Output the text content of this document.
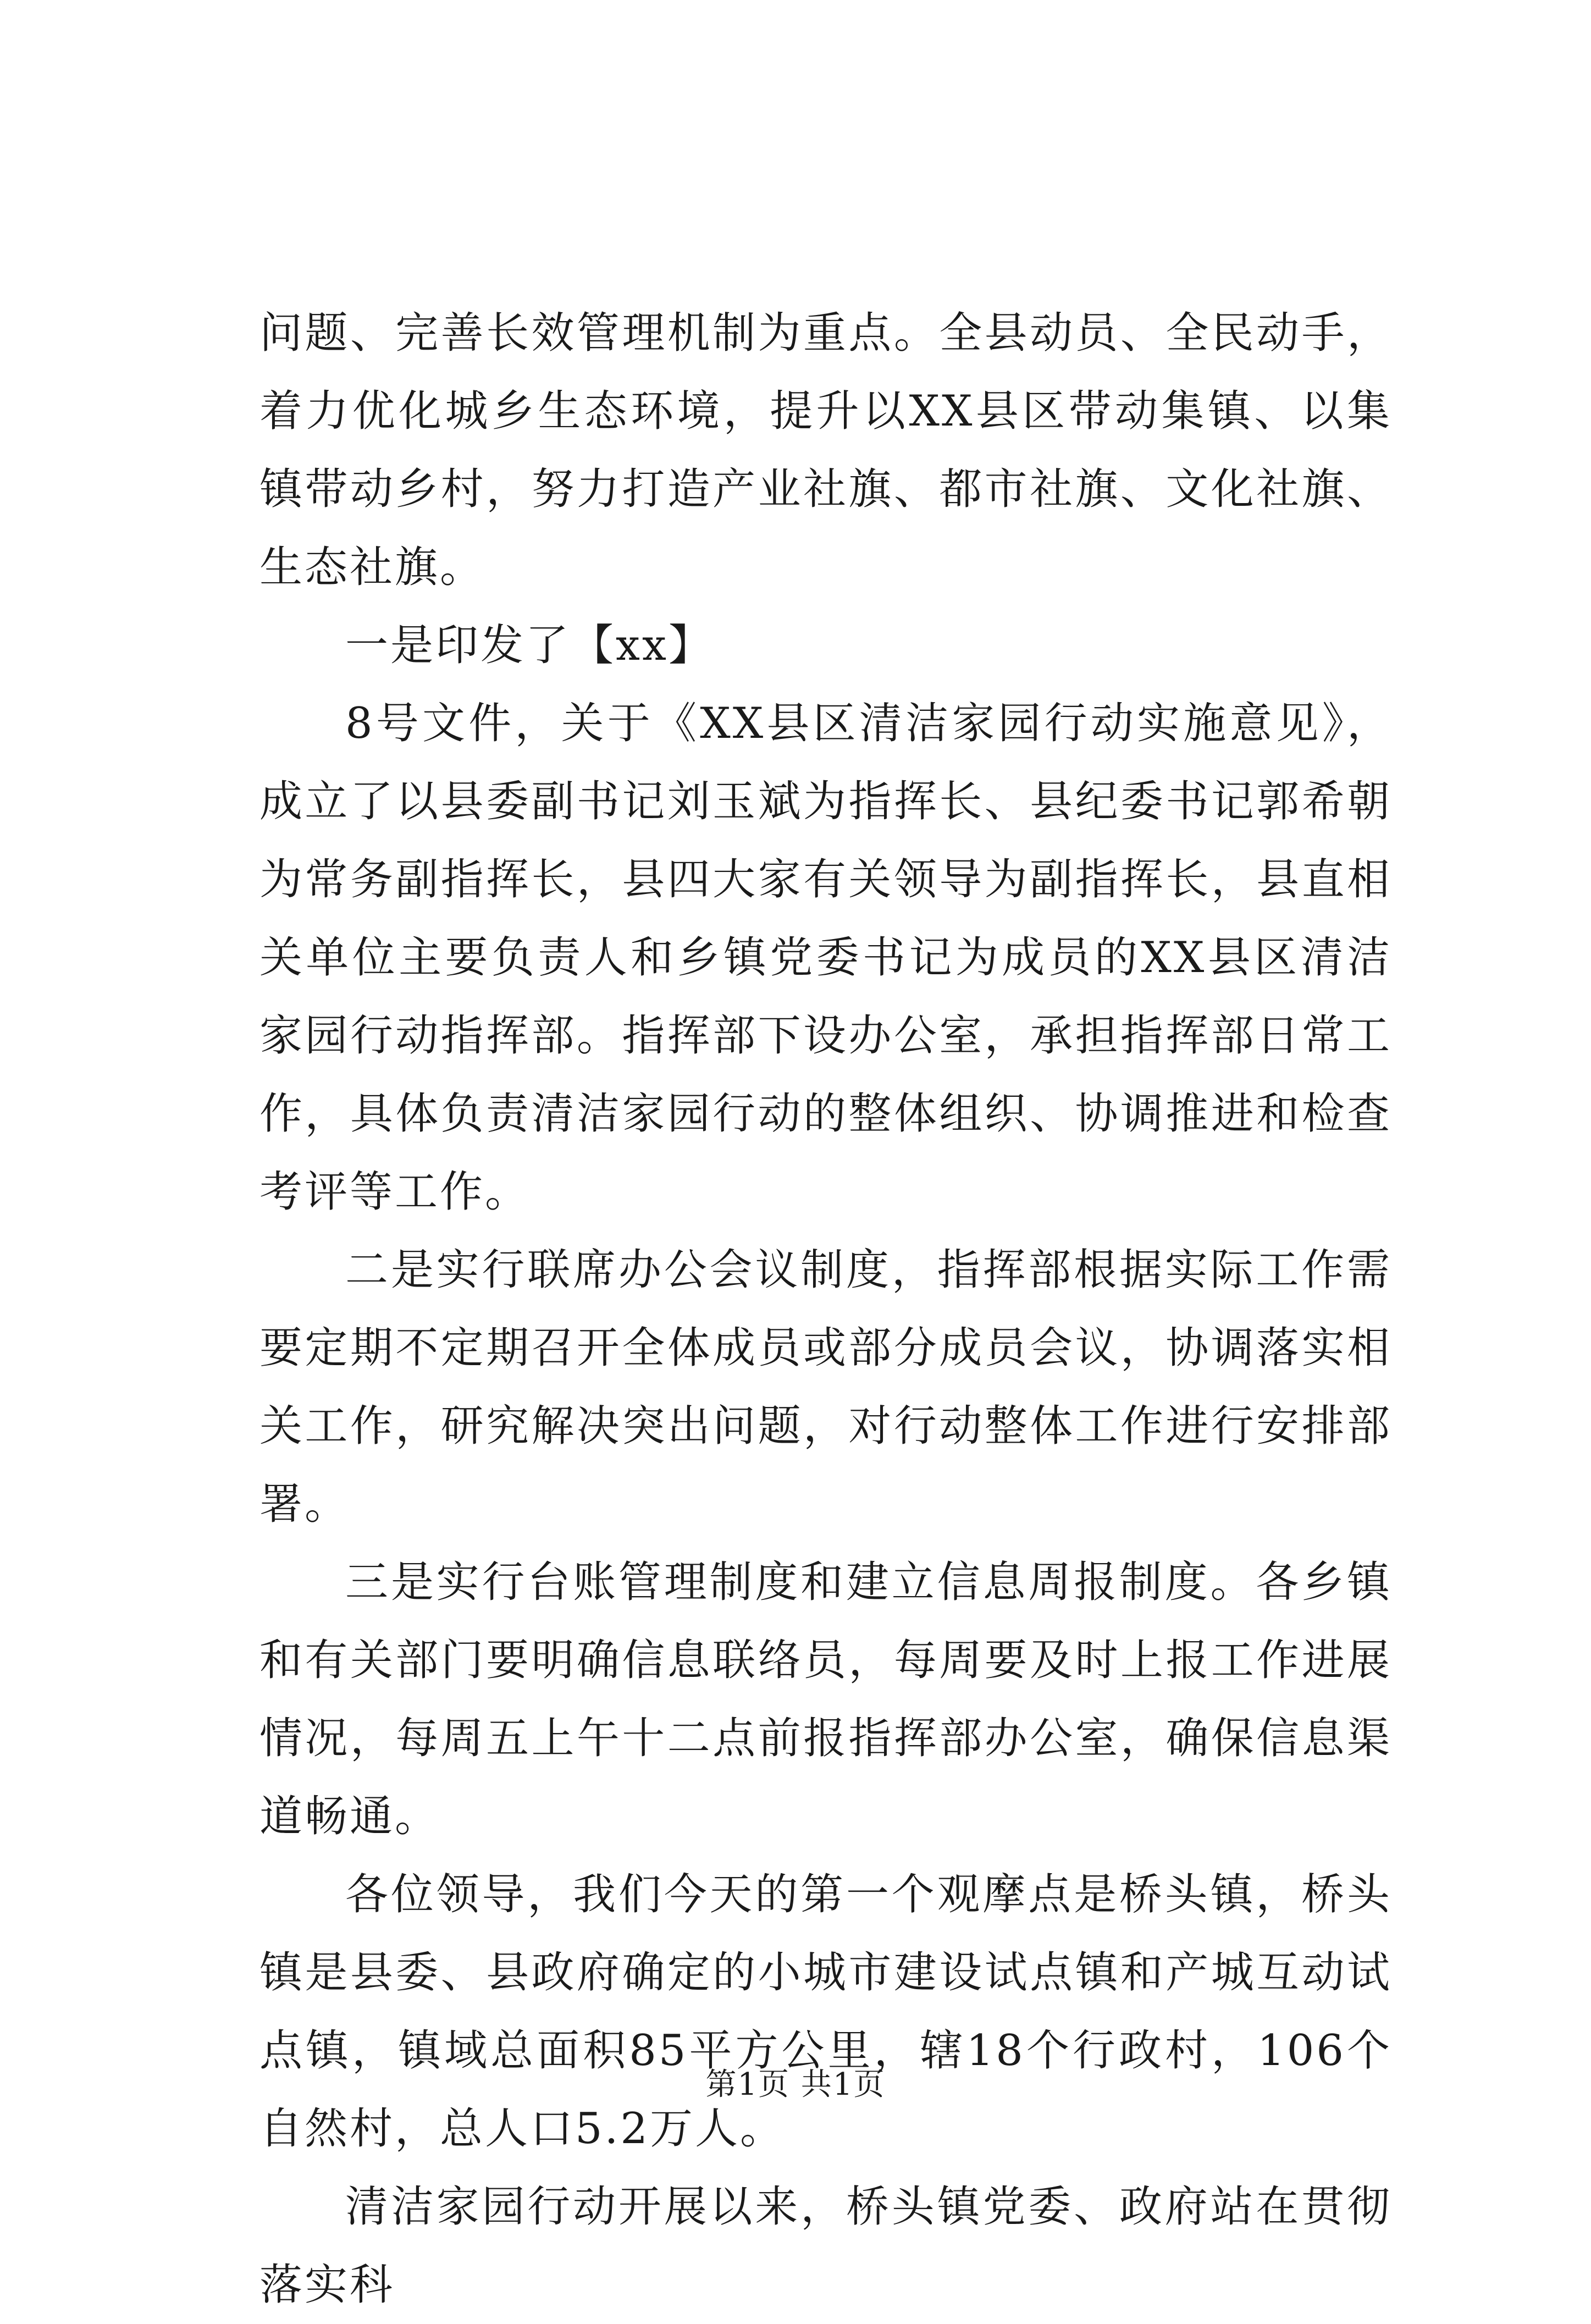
问题、完善长效管理机制为重点。全县动员、全民动手，着力优化城乡生态环境，提升以XX县区带动集镇、以集镇带动乡村，努力打造产业社旗、都市社旗、文化社旗、生态社旗。

一是印发了【xx】

8号文件，关于《XX县区清洁家园行动实施意见》，成立了以县委副书记刘玉斌为指挥长、县纪委书记郭希朝为常务副指挥长，县四大家有关领导为副指挥长，县直相关单位主要负责人和乡镇党委书记为成员的XX县区清洁家园行动指挥部。指挥部下设办公室，承担指挥部日常工作，具体负责清洁家园行动的整体组织、协调推进和检查考评等工作。

二是实行联席办公会议制度，指挥部根据实际工作需要定期不定期召开全体成员或部分成员会议，协调落实相关工作，研究解决突出问题，对行动整体工作进行安排部署。

三是实行台账管理制度和建立信息周报制度。各乡镇和有关部门要明确信息联络员，每周要及时上报工作进展情况，每周五上午十二点前报指挥部办公室，确保信息渠道畅通。

各位领导，我们今天的第一个观摩点是桥头镇，桥头镇是县委、县政府确定的小城市建设试点镇和产城互动试点镇，镇域总面积85平方公里，辖18个行政村，106个自然村，总人口5.2万人。

清洁家园行动开展以来，桥头镇党委、政府站在贯彻落实科

第1页 共1页
